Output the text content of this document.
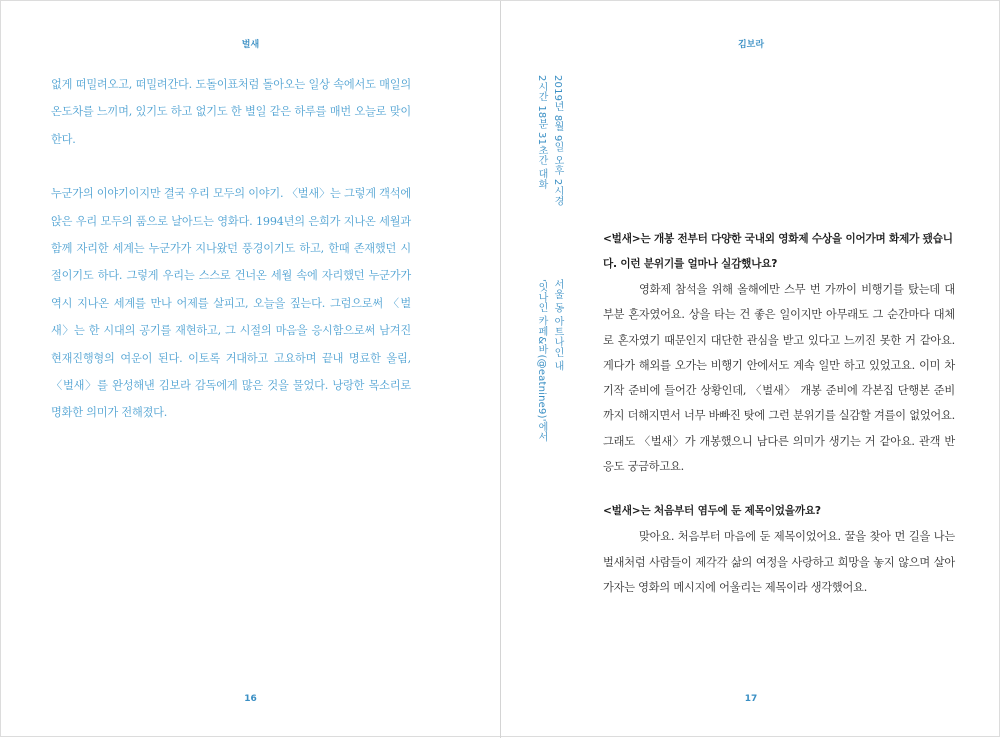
벌새

없게 떠밀려오고, 떠밀려간다. 도돌이표처럼 돌아오는 일상 속에서도 매일의 온도차를 느끼며, 있기도 하고 없기도 한 별일 같은 하루를 매번 오늘로 맞이한다.

누군가의 이야기이지만 결국 우리 모두의 이야기. 〈벌새〉는 그렇게 객석에 앉은 우리 모두의 품으로 날아드는 영화다. 1994년의 은희가 지나온 세월과 함께 자리한 세계는 누군가가 지나왔던 풍경이기도 하고, 한때 존재했던 시절이기도 하다. 그렇게 우리는 스스로 건너온 세월 속에 자리했던 누군가가 역시 지나온 세계를 만나 어제를 살피고, 오늘을 짚는다. 그럼으로써 〈벌새〉는 한 시대의 공기를 재현하고, 그 시절의 마음을 응시함으로써 남겨진 현재진행형의 여운이 된다. 이토록 거대하고 고요하며 끝내 명료한 울림, 〈벌새〉를 완성해낸 김보라 감독에게 많은 것을 물었다. 낭랑한 목소리로 명화한 의미가 전해졌다.

16
김보라
17
2019년 8월 9일 오후 2시경
2시간 18분 31초간 대화
서울 동 아트나인 내
'잇나인 카페&바(@eatnine9)'에서

<벌새>는 개봉 전부터 다양한 국내외 영화제 수상을 이어가며 화제가 됐습니다. 이런 분위기를 얼마나 실감했나요?

영화제 참석을 위해 올해에만 스무 번 가까이 비행기를 탔는데 대부분 혼자였어요. 상을 타는 건 좋은 일이지만 아무래도 그 순간마다 대체로 혼자였기 때문인지 대단한 관심을 받고 있다고 느끼진 못한 거 같아요. 게다가 해외를 오가는 비행기 안에서도 계속 일만 하고 있었고요. 이미 차기작 준비에 들어간 상황인데, 〈벌새〉 개봉 준비에 각본집 단행본 준비까지 더해지면서 너무 바빠진 탓에 그런 분위기를 실감할 겨를이 없었어요. 그래도 〈벌새〉가 개봉했으니 남다른 의미가 생기는 거 같아요. 관객 반응도 궁금하고요.

<벌새>는 처음부터 염두에 둔 제목이었을까요?

맞아요. 처음부터 마음에 둔 제목이었어요. 꿀을 찾아 먼 길을 나는 벌새처럼 사람들이 제각각 삶의 여정을 사랑하고 희망을 놓지 않으며 살아가자는 영화의 메시지에 어울리는 제목이라 생각했어요.
